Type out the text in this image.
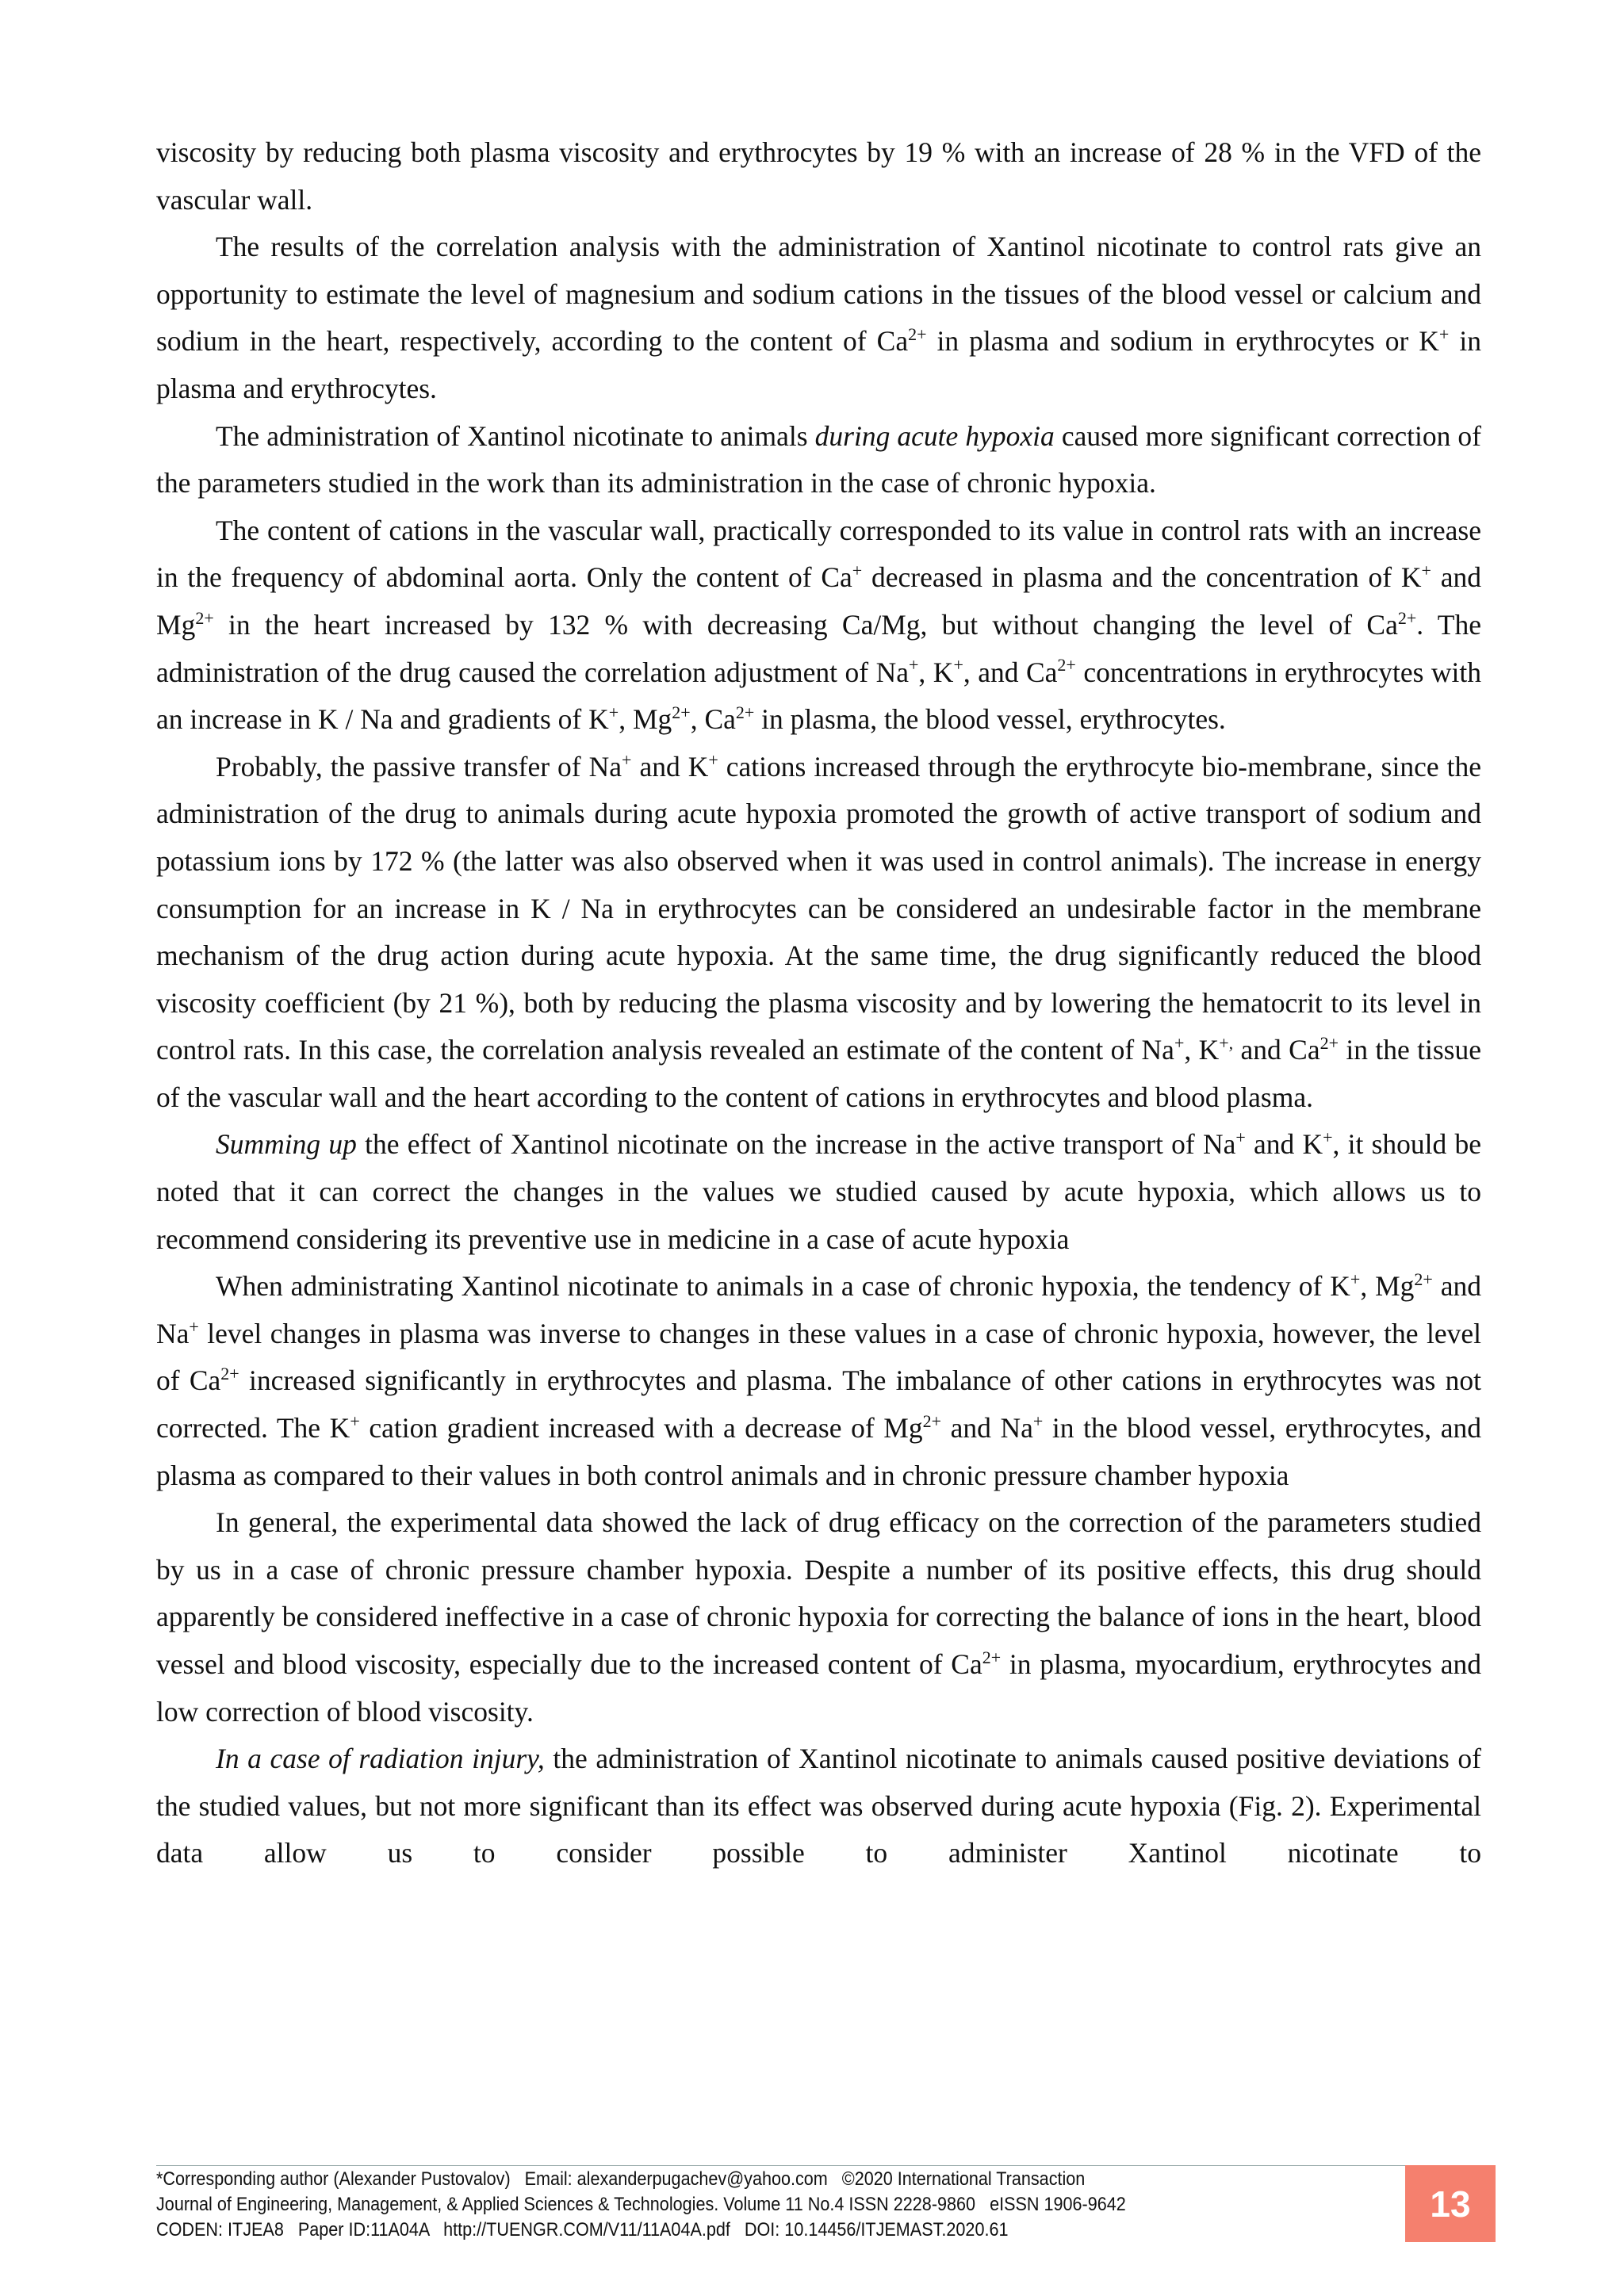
viscosity by reducing both plasma viscosity and erythrocytes by 19 % with an increase of 28 % in the VFD of the vascular wall.

The results of the correlation analysis with the administration of Xantinol nicotinate to control rats give an opportunity to estimate the level of magnesium and sodium cations in the tissues of the blood vessel or calcium and sodium in the heart, respectively, according to the content of $Ca^{2+}$ in plasma and sodium in erythrocytes or K+ in plasma and erythrocytes.

The administration of Xantinol nicotinate to animals during acute hypoxia caused more significant correction of the parameters studied in the work than its administration in the case of chronic hypoxia.

The content of cations in the vascular wall, practically corresponded to its value in control rats with an increase in the frequency of abdominal aorta. Only the content of Ca+ decreased in plasma and the concentration of K+ and $Mg^{2+}$ in the heart increased by 132 % with decreasing Ca/Mg, but without changing the level of $Ca^{2+}$. The administration of the drug caused the correlation adjustment of Na+, K+, and $Ca^{2+}$ concentrations in erythrocytes with an increase in K / Na and gradients of K+, $Mg^{2+}$, $Ca^{2+}$ in plasma, the blood vessel, erythrocytes.

Probably, the passive transfer of Na+ and K+ cations increased through the erythrocyte bio-membrane, since the administration of the drug to animals during acute hypoxia promoted the growth of active transport of sodium and potassium ions by 172 % (the latter was also observed when it was used in control animals). The increase in energy consumption for an increase in K / Na in erythrocytes can be considered an undesirable factor in the membrane mechanism of the drug action during acute hypoxia. At the same time, the drug significantly reduced the blood viscosity coefficient (by 21 %), both by reducing the plasma viscosity and by lowering the hematocrit to its level in control rats. In this case, the correlation analysis revealed an estimate of the content of Na+, K+, and $Ca^{2+}$ in the tissue of the vascular wall and the heart according to the content of cations in erythrocytes and blood plasma.

Summing up the effect of Xantinol nicotinate on the increase in the active transport of Na+ and K+, it should be noted that it can correct the changes in the values we studied caused by acute hypoxia, which allows us to recommend considering its preventive use in medicine in a case of acute hypoxia

When administrating Xantinol nicotinate to animals in a case of chronic hypoxia, the tendency of K+, $Mg^{2+}$ and Na+ level changes in plasma was inverse to changes in these values in a case of chronic hypoxia, however, the level of $Ca^{2+}$ increased significantly in erythrocytes and plasma. The imbalance of other cations in erythrocytes was not corrected. The K+ cation gradient increased with a decrease of $Mg^{2+}$ and Na+ in the blood vessel, erythrocytes, and plasma as compared to their values in both control animals and in chronic pressure chamber hypoxia

In general, the experimental data showed the lack of drug efficacy on the correction of the parameters studied by us in a case of chronic pressure chamber hypoxia. Despite a number of its positive effects, this drug should apparently be considered ineffective in a case of chronic hypoxia for correcting the balance of ions in the heart, blood vessel and blood viscosity, especially due to the increased content of $Ca^{2+}$ in plasma, myocardium, erythrocytes and low correction of blood viscosity.

In a case of radiation injury, the administration of Xantinol nicotinate to animals caused positive deviations of the studied values, but not more significant than its effect was observed during acute hypoxia (Fig. 2). Experimental data allow us to consider possible to administer Xantinol nicotinate to

*Corresponding author (Alexander Pustovalov)   Email: alexanderpugachev@yahoo.com   ©2020 International Transaction
Journal of Engineering, Management, & Applied Sciences & Technologies. Volume 11 No.4 ISSN 2228-9860   eISSN 1906-9642
CODEN: ITJEA8   Paper ID:11A04A   http://TUENGR.COM/V11/11A04A.pdf   DOI: 10.14456/ITJEMAST.2020.61
13
